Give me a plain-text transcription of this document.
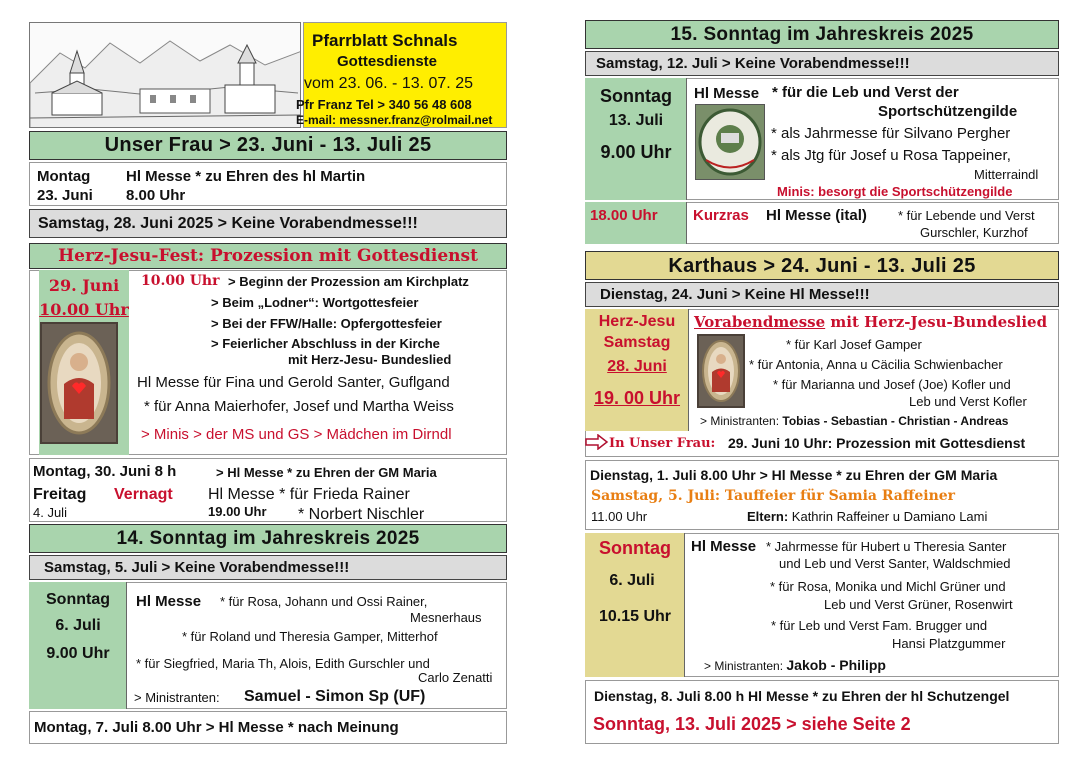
Pfarrblatt Schnals
Gottesdienste
vom 23. 06. - 13. 07. 25
Pfr Franz Tel > 340 56 48 608
E-mail: messner.franz@rolmail.net
Unser Frau > 23. Juni - 13. Juli 25
Montag Hl Messe * zu Ehren des hl Martin
23. Juni 8.00 Uhr
Samstag, 28. Juni 2025 > Keine Vorabendmesse!!!
Herz-Jesu-Fest: Prozession mit Gottesdienst
29. Juni
10.00 Uhr
10.00 Uhr > Beginn der Prozession am Kirchplatz
> Beim „Lodner“: Wortgottesfeier
> Bei der FFW/Halle: Opfergottesfeier
> Feierlicher Abschluss in der Kirche
mit Herz-Jesu- Bundeslied
Hl Messe für Fina und Gerold Santer, Guflgand
* für Anna Maierhofer, Josef und Martha Weiss
> Minis > der MS und GS > Mädchen im Dirndl
Montag, 30. Juni 8 h	> Hl Messe * zu Ehren der GM Maria
Freitag Vernagt Hl Messe * für Frieda Rainer
4. Juli	19.00 Uhr * Norbert Nischler
14. Sonntag im Jahreskreis 2025
Samstag, 5. Juli > Keine Vorabendmesse!!!
Sonntag
6. Juli
9.00 Uhr
Hl Messe * für Rosa, Johann und Ossi Rainer,
Mesnerhaus
* für Roland und Theresia Gamper, Mitterhof
* für Siegfried, Maria Th, Alois, Edith Gurschler und
Carlo Zenatti
> Ministranten: Samuel - Simon Sp (UF)
Montag, 7. Juli 8.00 Uhr > Hl Messe * nach Meinung
15. Sonntag im Jahreskreis 2025
Samstag, 12. Juli > Keine Vorabendmesse!!!
Sonntag
13. Juli
9.00 Uhr
Hl Messe * für die Leb und Verst der
Sportschützengilde
* als Jahrmesse für Silvano Pergher
* als Jtg für Josef u Rosa Tappeiner,
Mitterraindl
Minis: besorgt die Sportschützengilde
18.00 Uhr Kurzras Hl Messe (ital) * für Lebende und Verst
Gurschler, Kurzhof
Karthaus > 24. Juni - 13. Juli 25
Dienstag, 24. Juni > Keine Hl Messe!!!
Herz-Jesu
Samstag
28. Juni
19. 00 Uhr
Vorabendmesse mit Herz-Jesu-Bundeslied
* für Karl Josef Gamper
* für Antonia, Anna u Cäcilia Schwienbacher
* für Marianna und Josef (Joe) Kofler und
Leb und Verst Kofler
> Ministranten: Tobias - Sebastian - Christian - Andreas
In Unser Frau: 29. Juni 10 Uhr: Prozession mit Gottesdienst
Dienstag, 1. Juli 8.00 Uhr > Hl Messe * zu Ehren der GM Maria
Samstag, 5. Juli: Tauffeier für Samia Raffeiner
11.00 Uhr	Eltern: Kathrin Raffeiner u Damiano Lami
Sonntag
6. Juli
10.15 Uhr
Hl Messe * Jahrmesse für Hubert u Theresia Santer
und Leb und Verst Santer, Waldschmied
* für Rosa, Monika und Michl Grüner und
Leb und Verst Grüner, Rosenwirt
* für Leb und Verst Fam. Brugger und
Hansi Platzgummer
> Ministranten: Jakob - Philipp
Dienstag, 8. Juli 8.00 h Hl Messe * zu Ehren der hl Schutzengel
Sonntag, 13. Juli 2025 > siehe Seite 2
